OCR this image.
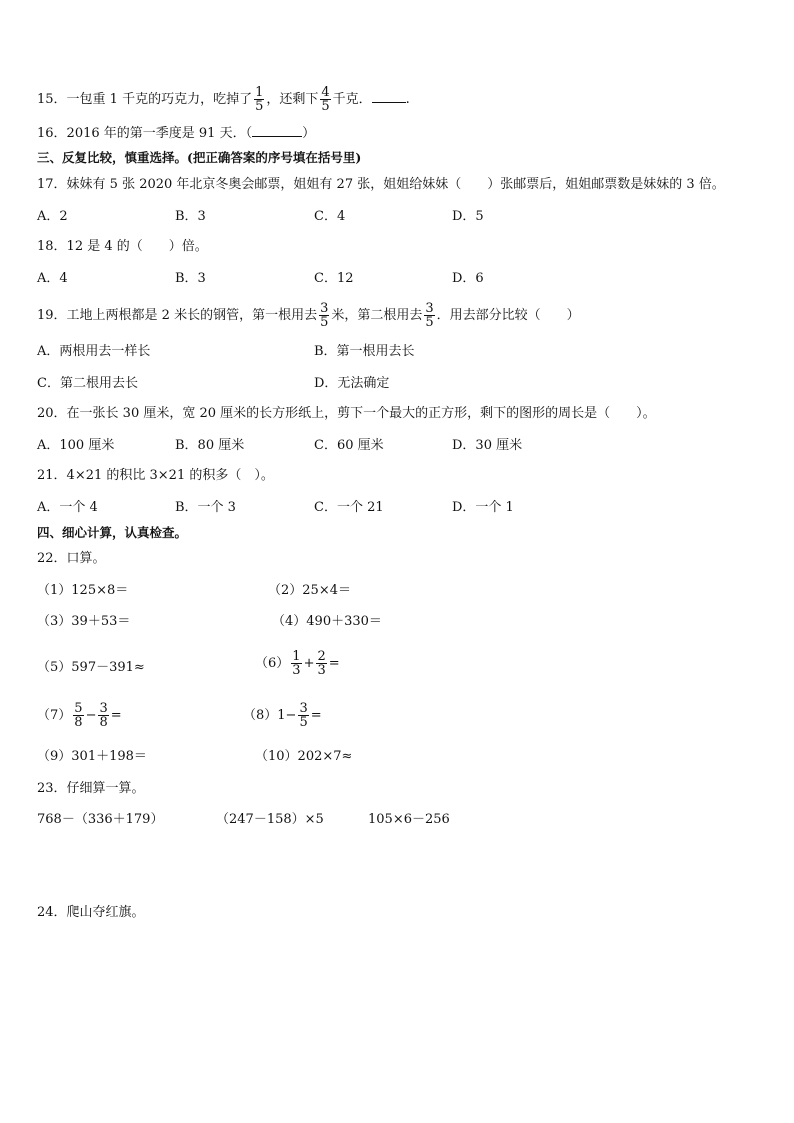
15．一包重 1 千克的巧克力，吃掉了 $\frac{1}{5}$ ，还剩下 $\frac{4}{5}$ 千克．	.
16．2016 年的第一季度是 91 天．（	）
三、反复比较，慎重选择。(把正确答案的序号填在括号里)
17．妹妹有 5 张 2020 年北京冬奥会邮票，姐姐有 27 张，姐姐给妹妹（　　）张邮票后，姐姐邮票数是妹妹的 3 倍。
A．2	B．3	C．4	D．5
18．12 是 4 的（　　）倍。
A．4	B．3	C．12	D．6
19．工地上两根都是 2 米长的钢管，第一根用去 $\frac{3}{5}$ 米，第二根用去 $\frac{3}{5}$ ．用去部分比较（　　）
A．两根用去一样长	B．第一根用去长
C．第二根用去长	D．无法确定
20．在一张长 30 厘米，宽 20 厘米的长方形纸上，剪下一个最大的正方形，剩下的图形的周长是（　　）。
A．100 厘米	B．80 厘米	C．60 厘米	D．30 厘米
21．4×21 的积比 3×21 的积多（　）。
A．一个 4	B．一个 3	C．一个 21	D．一个 1
四、细心计算，认真检查。
22．口算。
（1）125×8＝	（2）25×4＝
（3）39＋53＝	（4）490＋330＝
（5）597－391≈	$(6) \frac{1}{3} + \frac{2}{3}$ =
$(7) \frac{5}{8} - \frac{3}{8}$ =	$(8)1- \frac{3}{5}$ =
（9）301＋198＝	（10）202×7≈
23．仔细算一算。
768－（336＋179）	（247－158）×5	105×6－256
24．爬山夺红旗。
